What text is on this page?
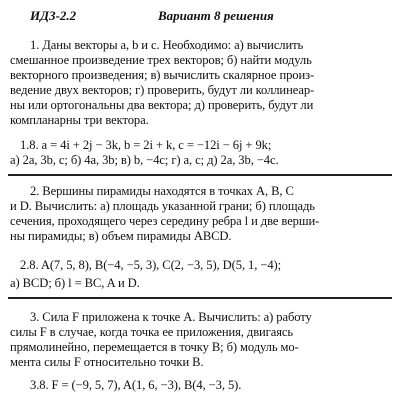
ИДЗ-2.2	Вариант 8 решения
1. Даны векторы a, b и c. Необходимо: а) вычислить
смешанное произведение трех векторов; б) найти модуль
векторного произведения; в) вычислить скалярное произ-
ведение двух векторов; г) проверить, будут ли коллинеар-
ны или ортогональны два вектора; д) проверить, будут ли
компланарны три вектора.
1.8. a = 4i + 2j − 3k, b = 2i + k, c = −12i − 6j + 9k;
а) 2a, 3b, c; б) 4a, 3b; в) b, −4c; г) a, c; д) 2a, 3b, −4c.
2. Вершины пирамиды находятся в точках A, B, C
и D. Вычислить: а) площадь указанной грани; б) площадь
сечения, проходящего через середину ребра l и две верши-
ны пирамиды; в) объем пирамиды ABCD.
2.8. A(7, 5, 8), B(−4, −5, 3), C(2, −3, 5), D(5, 1, −4);
а) BCD; б) l = BC, A и D.
3. Сила F приложена к точке A. Вычислить: а) работу
силы F в случае, когда точка ее приложения, двигаясь
прямолинейно, перемещается в точку B; б) модуль мо-
мента силы F относительно точки B.
3.8. F = (−9, 5, 7), A(1, 6, −3), B(4, −3, 5).
